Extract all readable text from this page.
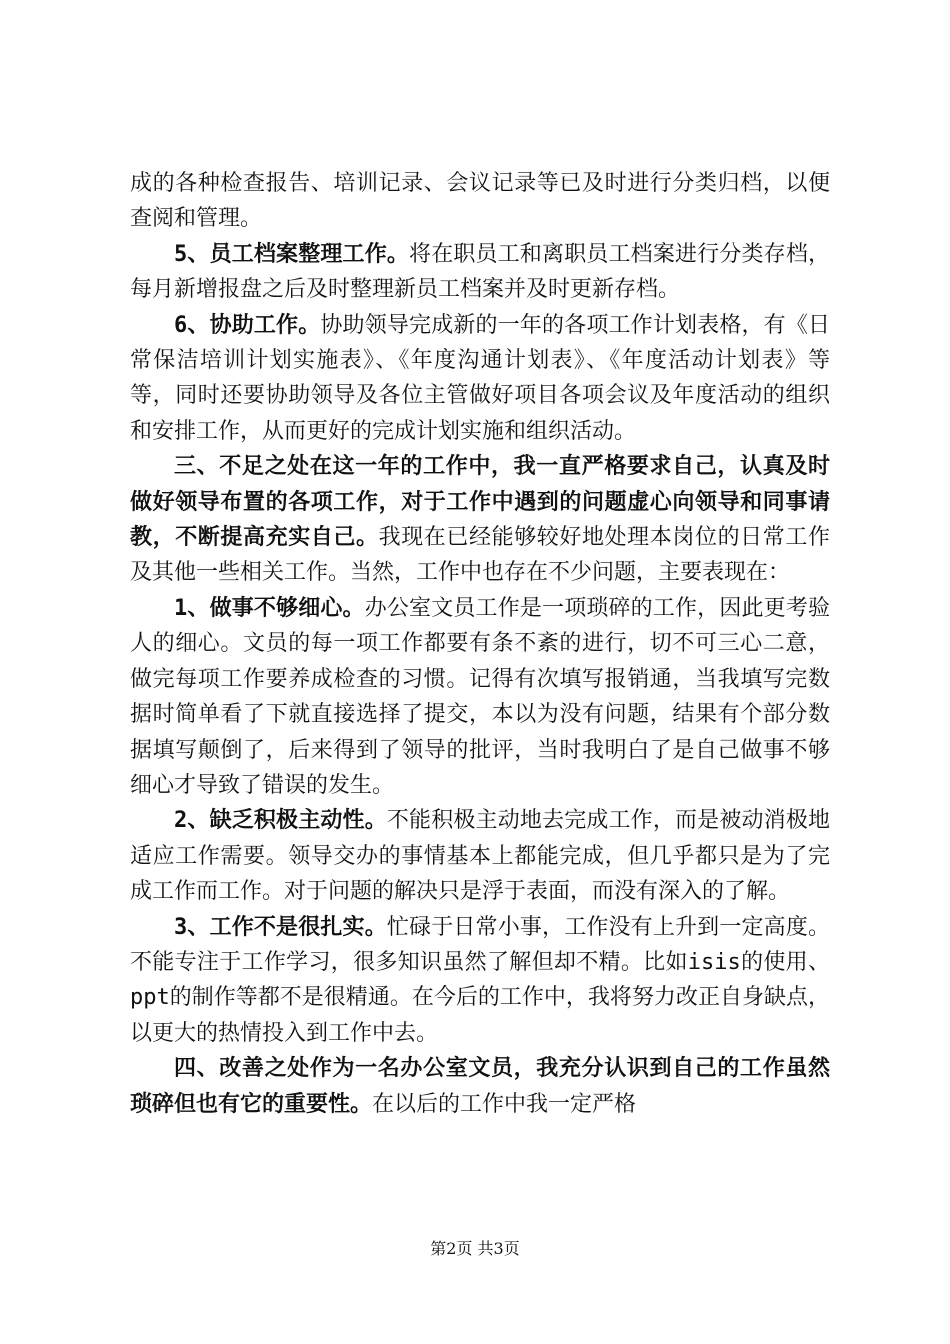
成的各种检查报告、培训记录、会议记录等已及时进行分类归档，以便查阅和管理。

5、员工档案整理工作。将在职员工和离职员工档案进行分类存档，每月新增报盘之后及时整理新员工档案并及时更新存档。

6、协助工作。协助领导完成新的一年的各项工作计划表格，有《日常保洁培训计划实施表》、《年度沟通计划表》、《年度活动计划表》等等，同时还要协助领导及各位主管做好项目各项会议及年度活动的组织和安排工作，从而更好的完成计划实施和组织活动。

三、不足之处在这一年的工作中，我一直严格要求自己，认真及时做好领导布置的各项工作，对于工作中遇到的问题虚心向领导和同事请教，不断提高充实自己。我现在已经能够较好地处理本岗位的日常工作及其他一些相关工作。当然，工作中也存在不少问题，主要表现在：

1、做事不够细心。办公室文员工作是一项琐碎的工作，因此更考验人的细心。文员的每一项工作都要有条不紊的进行，切不可三心二意，做完每项工作要养成检查的习惯。记得有次填写报销通，当我填写完数据时简单看了下就直接选择了提交，本以为没有问题，结果有个部分数据填写颠倒了，后来得到了领导的批评，当时我明白了是自己做事不够细心才导致了错误的发生。

2、缺乏积极主动性。不能积极主动地去完成工作，而是被动消极地适应工作需要。领导交办的事情基本上都能完成，但几乎都只是为了完成工作而工作。对于问题的解决只是浮于表面，而没有深入的了解。

3、工作不是很扎实。忙碌于日常小事，工作没有上升到一定高度。不能专注于工作学习，很多知识虽然了解但却不精。比如isis的使用、ppt的制作等都不是很精通。在今后的工作中，我将努力改正自身缺点，以更大的热情投入到工作中去。

四、改善之处作为一名办公室文员，我充分认识到自己的工作虽然琐碎但也有它的重要性。在以后的工作中我一定严格

第2页 共3页
